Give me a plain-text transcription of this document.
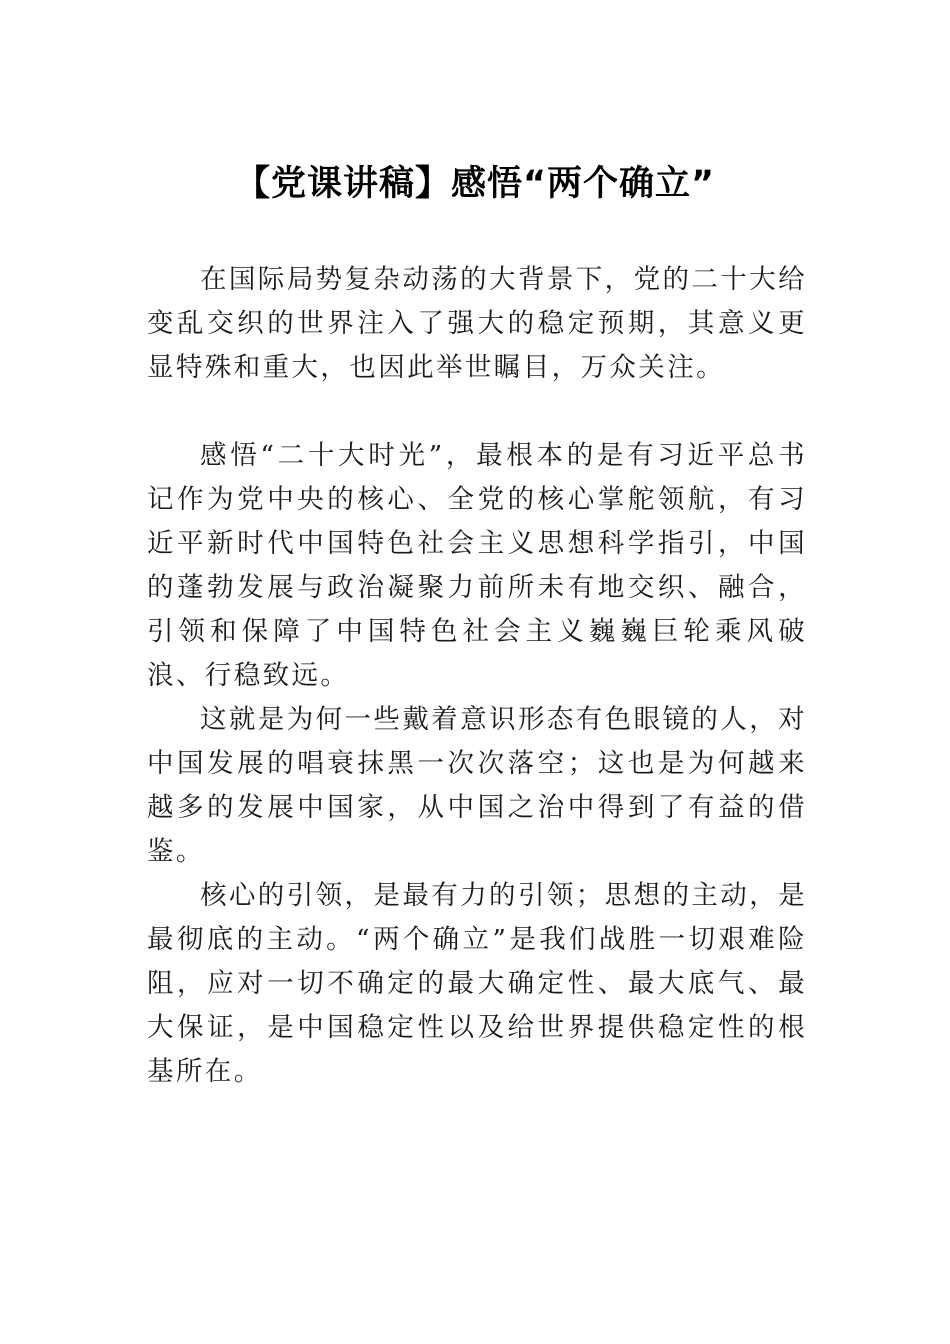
【党课讲稿】感悟“两个确立”

在国际局势复杂动荡的大背景下，党的二十大给变乱交织的世界注入了强大的稳定预期，其意义更显特殊和重大，也因此举世瞩目，万众关注。

感悟“二十大时光”，最根本的是有习近平总书记作为党中央的核心、全党的核心掌舵领航，有习近平新时代中国特色社会主义思想科学指引，中国的蓬勃发展与政治凝聚力前所未有地交织、融合，引领和保障了中国特色社会主义巍巍巨轮乘风破浪、行稳致远。

这就是为何一些戴着意识形态有色眼镜的人，对中国发展的唱衰抹黑一次次落空；这也是为何越来越多的发展中国家，从中国之治中得到了有益的借鉴。

核心的引领，是最有力的引领；思想的主动，是最彻底的主动。“两个确立”是我们战胜一切艰难险阻，应对一切不确定的最大确定性、最大底气、最大保证，是中国稳定性以及给世界提供稳定性的根基所在。
